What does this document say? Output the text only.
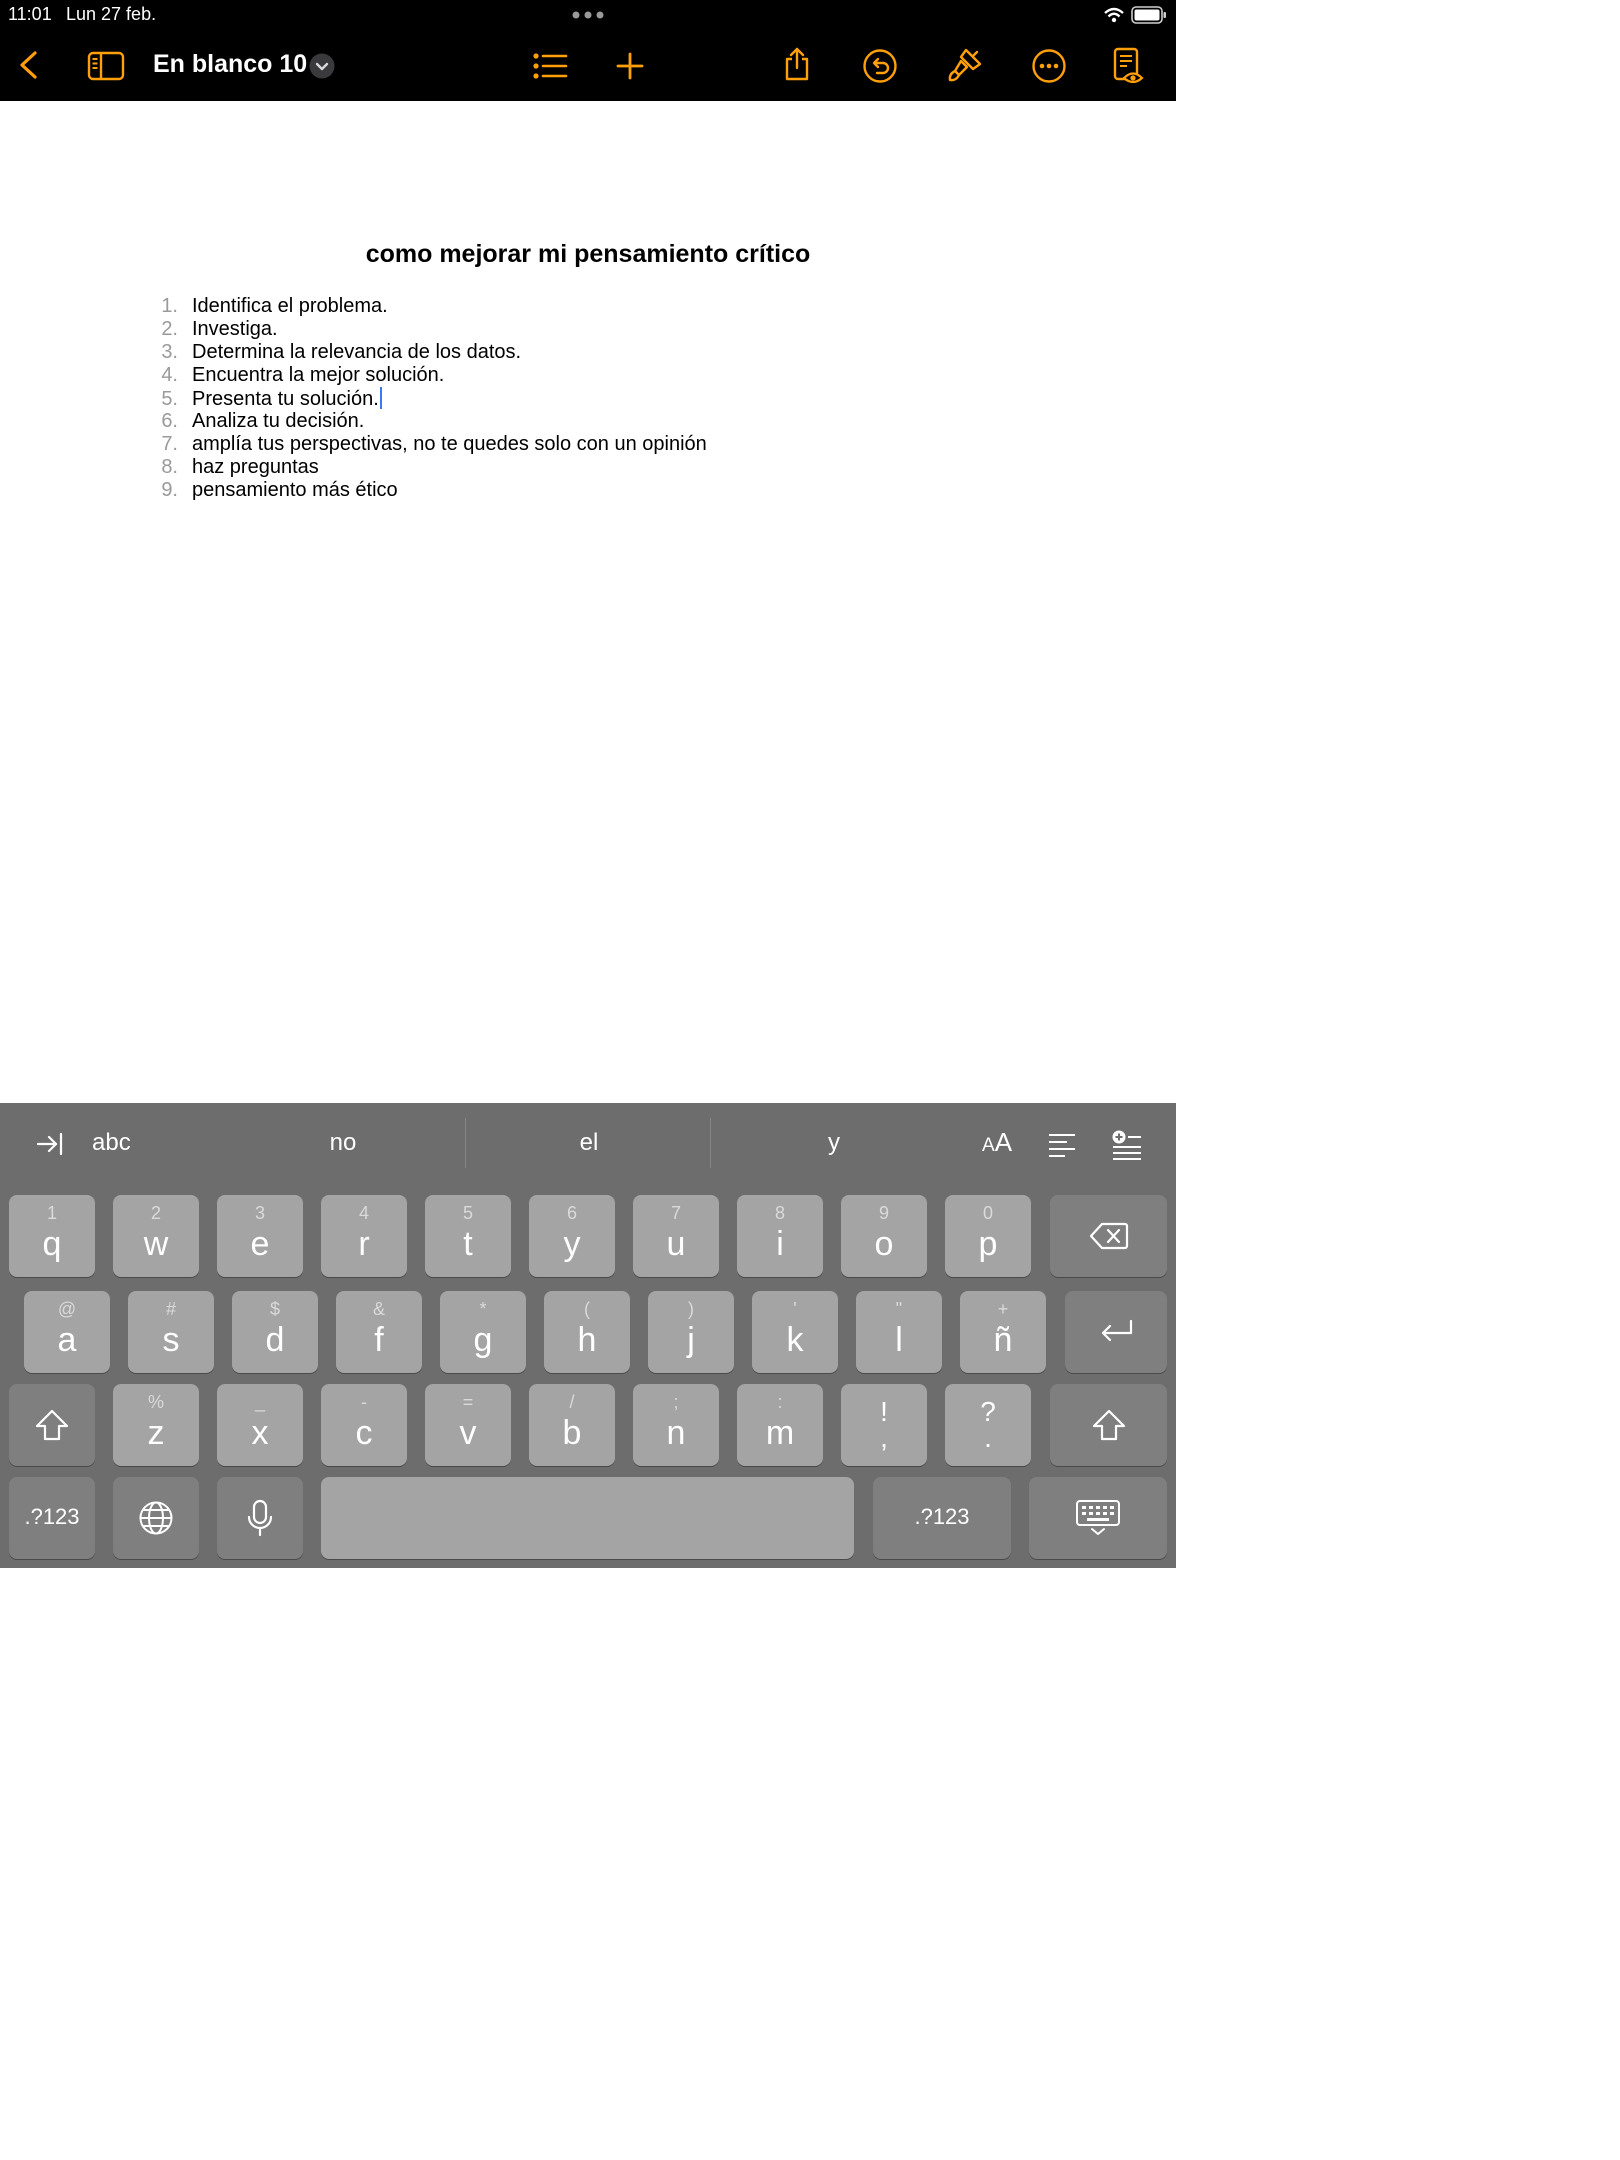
11:01 Lun 27 feb.
En blanco 10
como mejorar mi pensamiento crítico
1. Identifica el problema.
2. Investiga.
3. Determina la relevancia de los datos.
4. Encuentra la mejor solución.
5. Presenta tu solución.
6. Analiza tu decisión.
7. amplía tus perspectivas, no te quedes solo con un opinión
8. haz preguntas
9. pensamiento más ético
abc	no	el	y	AA
1
q
2
w
3
e
4
r
5
t
6
y
7
u
8
i
9
o
0
p
@
a
#
s
$
d
&
f
*
g
(
h
)
j
'
k
"
l
+
ñ
%
z
_
x
-
c
=
v
/
b
;
n
:
m
!
,
?
.
.?123	.?123
